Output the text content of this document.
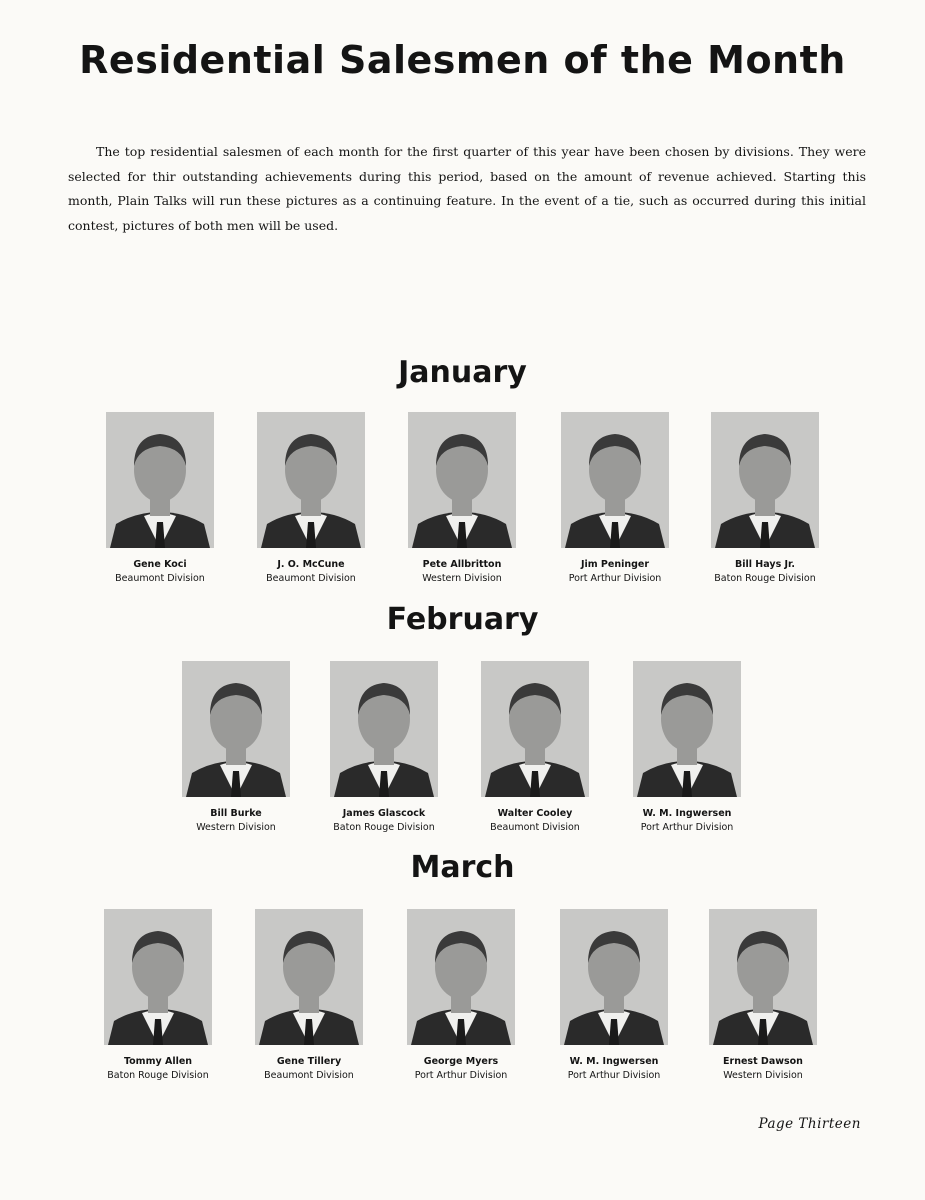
Residential Salesmen of the Month

The top residential salesmen of each month for the first quarter of this year have been chosen by divisions. They were selected for thir outstanding achievements during this period, based on the amount of revenue achieved. Starting this month, Plain Talks will run these pictures as a continuing feature. In the event of a tie, such as occurred during this initial contest, pictures of both men will be used.

January
Gene Koci
Beaumont Division
J. O. McCune
Beaumont Division
Pete Allbritton
Western Division
Jim Peninger
Port Arthur Division
Bill Hays Jr.
Baton Rouge Division
February
Bill Burke
Western Division
James Glascock
Baton Rouge Division
Walter Cooley
Beaumont Division
W. M. Ingwersen
Port Arthur Division
March
Tommy Allen
Baton Rouge Division
Gene Tillery
Beaumont Division
George Myers
Port Arthur Division
W. M. Ingwersen
Port Arthur Division
Ernest Dawson
Western Division
Page Thirteen
